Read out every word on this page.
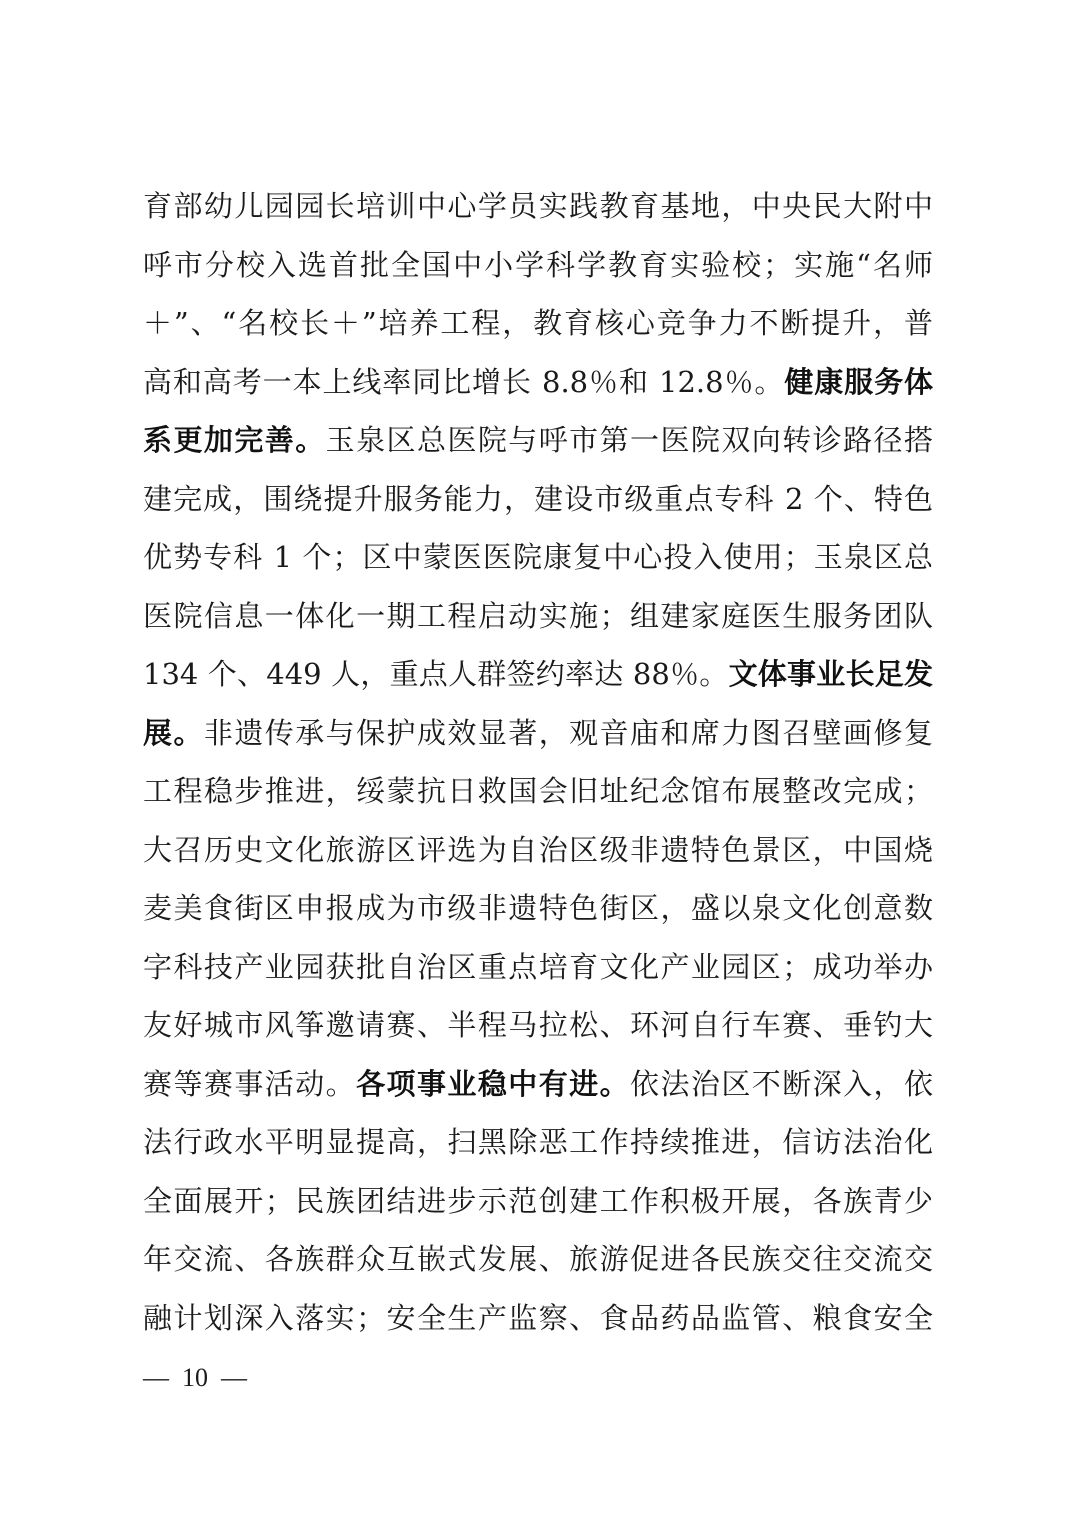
育部幼儿园园长培训中心学员实践教育基地，中央民大附中
呼市分校入选首批全国中小学科学教育实验校；实施“名师
＋”、“名校长＋”培养工程，教育核心竞争力不断提升，普
高和高考一本上线率同比增长 8.8％和 12.8％。健康服务体
系更加完善。玉泉区总医院与呼市第一医院双向转诊路径搭
建完成，围绕提升服务能力，建设市级重点专科 2 个、特色
优势专科 1 个；区中蒙医医院康复中心投入使用；玉泉区总
医院信息一体化一期工程启动实施；组建家庭医生服务团队
134 个、449 人，重点人群签约率达 88％。文体事业长足发
展。非遗传承与保护成效显著，观音庙和席力图召壁画修复
工程稳步推进，绥蒙抗日救国会旧址纪念馆布展整改完成；
大召历史文化旅游区评选为自治区级非遗特色景区，中国烧
麦美食街区申报成为市级非遗特色街区，盛以泉文化创意数
字科技产业园获批自治区重点培育文化产业园区；成功举办
友好城市风筝邀请赛、半程马拉松、环河自行车赛、垂钓大
赛等赛事活动。各项事业稳中有进。依法治区不断深入，依
法行政水平明显提高，扫黑除恶工作持续推进，信访法治化
全面展开；民族团结进步示范创建工作积极开展，各族青少
年交流、各族群众互嵌式发展、旅游促进各民族交往交流交
融计划深入落实；安全生产监察、食品药品监管、粮食安全
—  10  —
